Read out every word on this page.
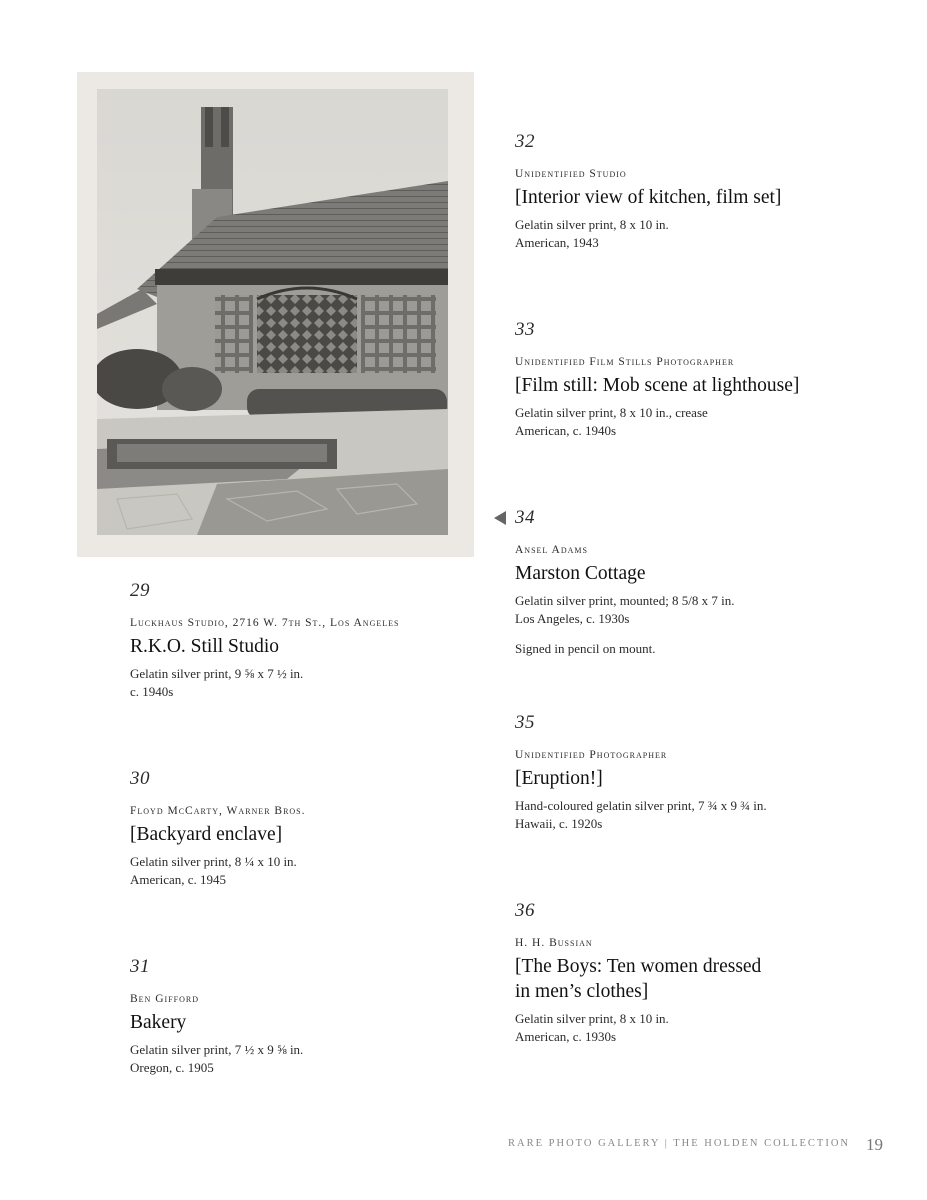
29
Luckhaus Studio, 2716 W. 7th St., Los Angeles
R.K.O. Still Studio
Gelatin silver print, 9 ⅝ x 7 ½ in.
c. 1940s
30
Floyd McCarty, Warner Bros.
[Backyard enclave]
Gelatin silver print, 8 ¼ x 10 in.
American, c. 1945
31
Ben Gifford
Bakery
Gelatin silver print, 7 ½ x 9 ⅝ in.
Oregon, c. 1905
32
Unidentified Studio
[Interior view of kitchen, film set]
Gelatin silver print, 8 x 10 in.
American, 1943
33
Unidentified Film Stills Photographer
[Film still: Mob scene at lighthouse]
Gelatin silver print, 8 x 10 in., crease
American, c. 1940s
34
Ansel Adams
Marston Cottage
Gelatin silver print, mounted; 8 5/8 x 7 in.
Los Angeles, c. 1930s
Signed in pencil on mount.
35
Unidentified Photographer
[Eruption!]
Hand-coloured gelatin silver print, 7 ¾ x 9 ¾ in.
Hawaii, c. 1920s
36
H. H. Bussian
[The Boys: Ten women dressed
in men’s clothes]
Gelatin silver print, 8 x 10 in.
American, c. 1930s
RARE PHOTO GALLERY | THE HOLDEN COLLECTION 19
